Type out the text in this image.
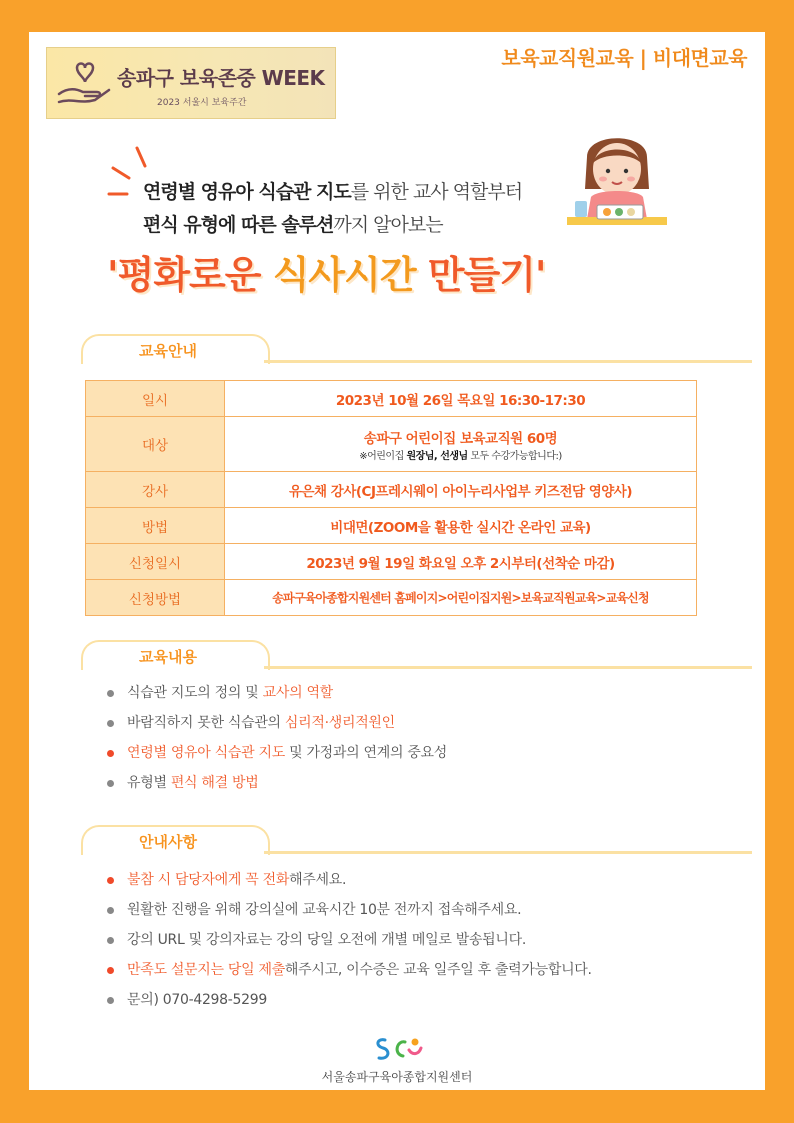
송파구 보육존중 WEEK
2023 서울시 보육주간
보육교직원교육 | 비대면교육
연령별 영유아 식습관 지도를 위한 교사 역할부터
편식 유형에 따른 솔루션까지 알아보는
'평화로운 식사시간 만들기'
교육안내
일시	2023년 10월 26일 목요일 16:30-17:30
대상	송파구 어린이집 보육교직원 60명
※어린이집 원장님, 선생님 모두 수강가능합니다:)

강사	유은채 강사(CJ프레시웨이 아이누리사업부 키즈전담 영양사)
방법	비대면(ZOOM을 활용한 실시간 온라인 교육)
신청일시	2023년 9월 19일 화요일 오후 2시부터(선착순 마감)
신청방법	송파구육아종합지원센터 홈페이지>어린이집지원>보육교직원교육>교육신청
교육내용
식습관 지도의 정의 및 교사의 역할
바람직하지 못한 식습관의 심리적·생리적원인
연령별 영유아 식습관 지도 및 가정과의 연계의 중요성
유형별 편식 해결 방법
안내사항
불참 시 담당자에게 꼭 전화해주세요.
원활한 진행을 위해 강의실에 교육시간 10분 전까지 접속해주세요.
강의 URL 및 강의자료는 강의 당일 오전에 개별 메일로 발송됩니다.
만족도 설문지는 당일 제출해주시고, 이수증은 교육 일주일 후 출력가능합니다.
문의) 070-4298-5299
서울송파구육아종합지원센터
